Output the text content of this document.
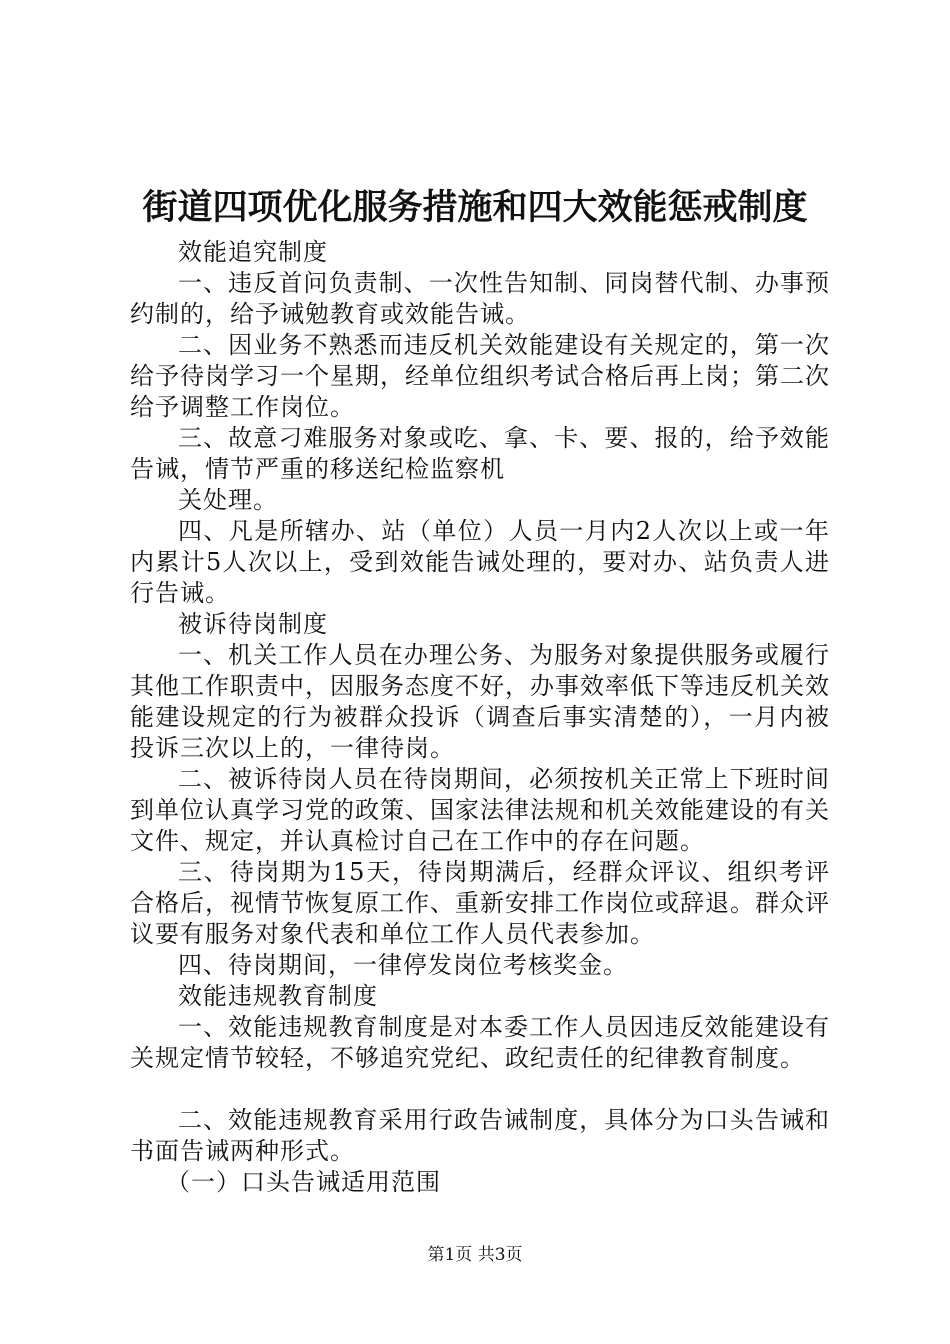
街道四项优化服务措施和四大效能惩戒制度

效能追究制度

一、违反首问负责制、一次性告知制、同岗替代制、办事预约制的，给予诫勉教育或效能告诫。

二、因业务不熟悉而违反机关效能建设有关规定的，第一次给予待岗学习一个星期，经单位组织考试合格后再上岗；第二次给予调整工作岗位。

三、故意刁难服务对象或吃、拿、卡、要、报的，给予效能告诫，情节严重的移送纪检监察机

关处理。

四、凡是所辖办、站（单位）人员一月内2人次以上或一年内累计5人次以上，受到效能告诫处理的，要对办、站负责人进行告诫。

被诉待岗制度

一、机关工作人员在办理公务、为服务对象提供服务或履行其他工作职责中，因服务态度不好，办事效率低下等违反机关效能建设规定的行为被群众投诉（调查后事实清楚的），一月内被投诉三次以上的，一律待岗。

二、被诉待岗人员在待岗期间，必须按机关正常上下班时间到单位认真学习党的政策、国家法律法规和机关效能建设的有关文件、规定，并认真检讨自己在工作中的存在问题。

三、待岗期为15天，待岗期满后，经群众评议、组织考评合格后，视情节恢复原工作、重新安排工作岗位或辞退。群众评议要有服务对象代表和单位工作人员代表参加。

四、待岗期间，一律停发岗位考核奖金。

效能违规教育制度

一、效能违规教育制度是对本委工作人员因违反效能建设有关规定情节较轻，不够追究党纪、政纪责任的纪律教育制度。

二、效能违规教育采用行政告诫制度，具体分为口头告诫和书面告诫两种形式。

（一）口头告诫适用范围

第1页 共3页
